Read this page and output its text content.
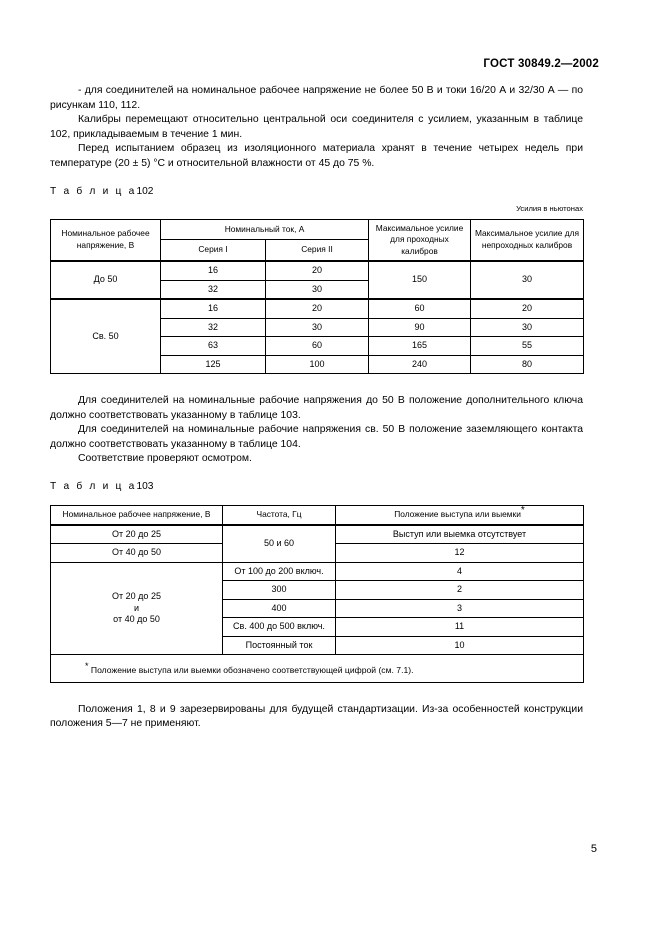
ГОСТ 30849.2—2002

- для соединителей на номинальное рабочее напряжение не более 50 В и токи 16/20 А и 32/30 А — по рисункам 110, 112.

Калибры перемещают относительно центральной оси соединителя с усилием, указанным в таблице 102, прикладываемым в течение 1 мин.

Перед испытанием образец из изоляционного материала хранят в течение четырех недель при температуре (20 ± 5) °С и относительной влажности от 45 до 75 %.

Т а б л и ц а102

Усилия в ньютонах

Номинальное рабочее напряжение, В	Номинальный ток, А		Максимальное усилие для проходных калибров	Максимальное усилие для непроходных калибров
	Серия I	Серия II		
До 50	16	20	150	30
	32	30		
Св. 50	16	20	60	20
	32	30	90	30
	63	60	165	55
	125	100	240	80

Для соединителей на номинальные рабочие напряжения до 50 В положение дополнительного ключа должно соответствовать указанному в таблице 103.

Для соединителей на номинальные рабочие напряжения св. 50 В положение заземляющего контакта должно соответствовать указанному в таблице 104.

Соответствие проверяют осмотром.

Т а б л и ц а103

Номинальное рабочее напряжение, В	Частота, Гц	Положение выступа или выемки*
От 20 до 25	50 и 60	Выступ или выемка отсутствует
От 40 до 50		12
От 20 до 25
и
от 40 до 50	От 100 до 200 включ.	4
	300	2
	400	3
	Св. 400 до 500 включ.	11
	Постоянный ток	10
* Положение выступа или выемки обозначено соответствующей цифрой (см. 7.1).		

Положения 1, 8 и 9 зарезервированы для будущей стандартизации. Из-за особенностей конструкции положения 5—7 не применяют.

5
